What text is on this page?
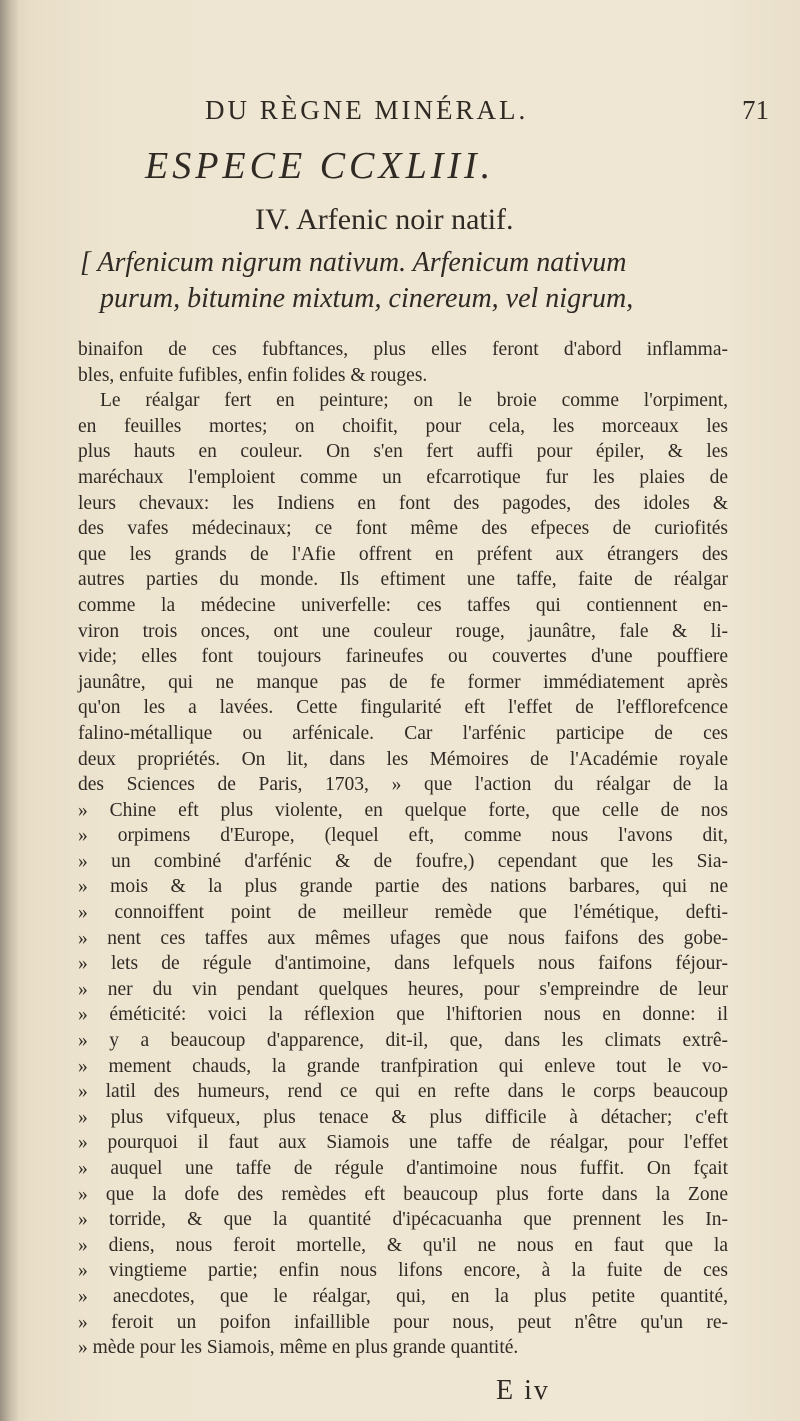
DU RÈGNE MINÉRAL.	71
ESPECE CCXLIII.
IV. Arfenic noir natif.
[ Arfenicum nigrum nativum. Arfenicum nativum
purum, bitumine mixtum, cinereum, vel nigrum,
binaifon de ces fubftances, plus elles feront d'abord inflamma-
bles, enfuite fufibles, enfin folides & rouges.
Le réalgar fert en peinture; on le broie comme l'orpiment,
en feuilles mortes; on choifit, pour cela, les morceaux les
plus hauts en couleur. On s'en fert auffi pour épiler, & les
maréchaux l'emploient comme un efcarrotique fur les plaies de
leurs chevaux: les Indiens en font des pagodes, des idoles &
des vafes médecinaux; ce font même des efpeces de curiofités
que les grands de l'Afie offrent en préfent aux étrangers des
autres parties du monde. Ils eftiment une taffe, faite de réalgar
comme la médecine univerfelle: ces taffes qui contiennent en-
viron trois onces, ont une couleur rouge, jaunâtre, fale & li-
vide; elles font toujours farineufes ou couvertes d'une pouffiere
jaunâtre, qui ne manque pas de fe former immédiatement après
qu'on les a lavées. Cette fingularité eft l'effet de l'efflorefcence
falino-métallique ou arfénicale. Car l'arfénic participe de ces
deux propriétés. On lit, dans les Mémoires de l'Académie royale
des Sciences de Paris, 1703, » que l'action du réalgar de la
» Chine eft plus violente, en quelque forte, que celle de nos
» orpimens d'Europe, (lequel eft, comme nous l'avons dit,
» un combiné d'arfénic & de foufre,) cependant que les Sia-
» mois & la plus grande partie des nations barbares, qui ne
» connoiffent point de meilleur remède que l'émétique, defti-
» nent ces taffes aux mêmes ufages que nous faifons des gobe-
» lets de régule d'antimoine, dans lefquels nous faifons féjour-
» ner du vin pendant quelques heures, pour s'empreindre de leur
» éméticité: voici la réflexion que l'hiftorien nous en donne: il
» y a beaucoup d'apparence, dit-il, que, dans les climats extrê-
» mement chauds, la grande tranfpiration qui enleve tout le vo-
» latil des humeurs, rend ce qui en refte dans le corps beaucoup
» plus vifqueux, plus tenace & plus difficile à détacher; c'eft
» pourquoi il faut aux Siamois une taffe de réalgar, pour l'effet
» auquel une taffe de régule d'antimoine nous fuffit. On fçait
» que la dofe des remèdes eft beaucoup plus forte dans la Zone
» torride, & que la quantité d'ipécacuanha que prennent les In-
» diens, nous feroit mortelle, & qu'il ne nous en faut que la
» vingtieme partie; enfin nous lifons encore, à la fuite de ces
» anecdotes, que le réalgar, qui, en la plus petite quantité,
» feroit un poifon infaillible pour nous, peut n'être qu'un re-
» mède pour les Siamois, même en plus grande quantité.
E iv
